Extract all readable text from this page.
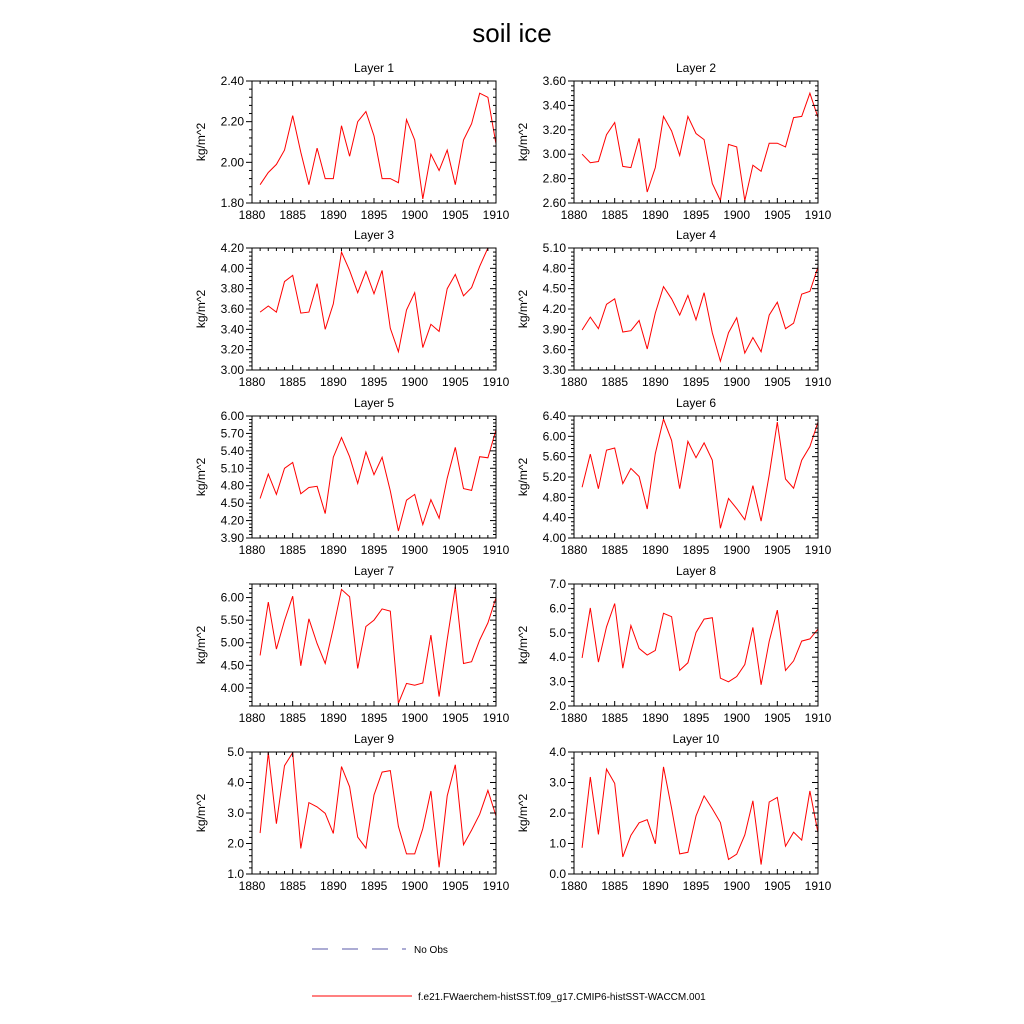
soil ice
1880 1885 1890 1895 1900 1905 1910
1.80
2.00
2.20
2.40
kg/m^2
Layer 1
1880 1885 1890 1895 1900 1905 1910
2.60
2.80
3.00
3.20
3.40
3.60
kg/m^2
Layer 2
1880 1885 1890 1895 1900 1905 1910
3.00
3.20
3.40
3.60
3.80
4.00
4.20
kg/m^2
Layer 3
1880 1885 1890 1895 1900 1905 1910
3.30
3.60
3.90
4.20
4.50
4.80
5.10
kg/m^2
Layer 4
1880 1885 1890 1895 1900 1905 1910
3.90
4.20
4.50
4.80
5.10
5.40
5.70
6.00
kg/m^2
Layer 5
1880 1885 1890 1895 1900 1905 1910
4.00
4.40
4.80
5.20
5.60
6.00
6.40
kg/m^2
Layer 6
1880 1885 1890 1895 1900 1905 1910
4.00
4.50
5.00
5.50
6.00
kg/m^2
Layer 7
1880 1885 1890 1895 1900 1905 1910
2.0
3.0
4.0
5.0
6.0
7.0
kg/m^2
Layer 8
1880 1885 1890 1895 1900 1905 1910
1.0
2.0
3.0
4.0
5.0
kg/m^2
Layer 9
1880 1885 1890 1895 1900 1905 1910
0.0
1.0
2.0
3.0
4.0
kg/m^2
Layer 10
No Obs
f.e21.FWaerchem-histSST.f09_g17.CMIP6-histSST-WACCM.001
